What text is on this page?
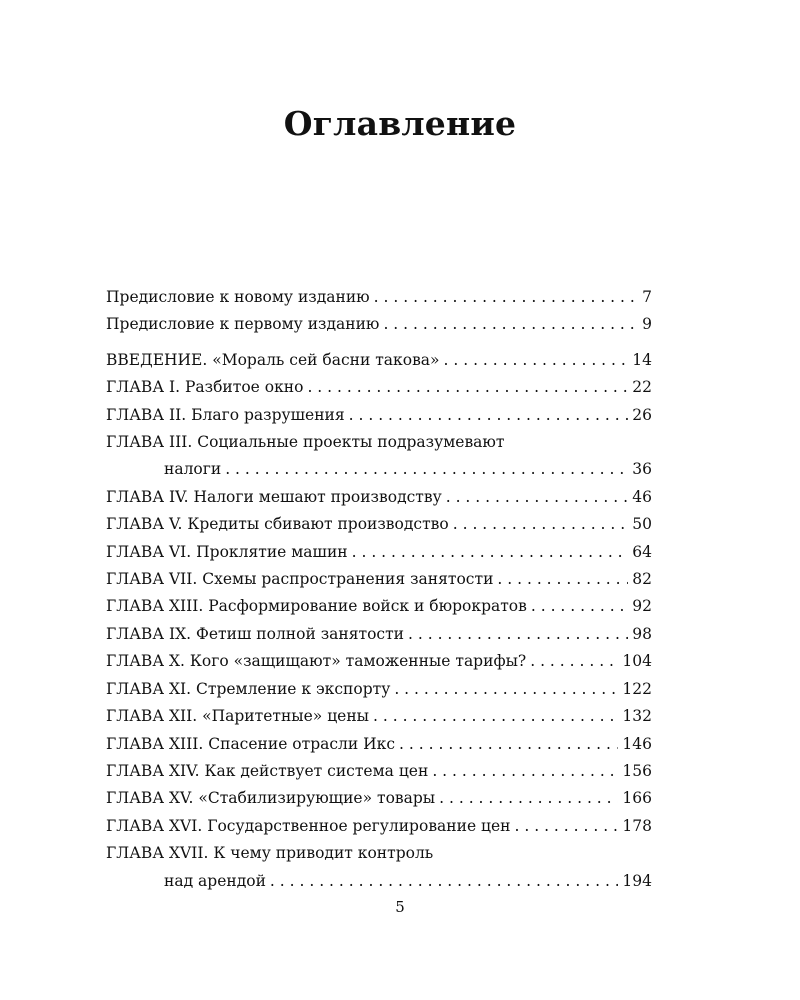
Оглавление
Предисловие к новому изданию . . .	7
Предисловие к первому изданию . . .	9
ВВЕДЕНИЕ. «Мораль сей басни такова» . . .	14
ГЛАВА I. Разбитое окно . . .	22
ГЛАВА II. Благо разрушения . . .	26
ГЛАВА III. Социальные проекты подразумевают
налоги . . .	36
ГЛАВА IV. Налоги мешают производству . . .	46
ГЛАВА V. Кредиты сбивают производство . . .	50
ГЛАВА VI. Проклятие машин . . .	64
ГЛАВА VII. Схемы распространения занятости . . .	82
ГЛАВА XIII. Расформирование войск и бюрократов . . .	92
ГЛАВА IX. Фетиш полной занятости . . .	98
ГЛАВА X. Кого «защищают» таможенные тарифы? . . .	104
ГЛАВА XI. Стремление к экспорту . . .	122
ГЛАВА XII. «Паритетные» цены . . .	132
ГЛАВА XIII. Спасение отрасли Икс . . .	146
ГЛАВА XIV. Как действует система цен . . .	156
ГЛАВА XV. «Стабилизирующие» товары . . .	166
ГЛАВА XVI. Государственное регулирование цен . . .	178
ГЛАВА XVII. К чему приводит контроль
над арендой . . .	194
5
